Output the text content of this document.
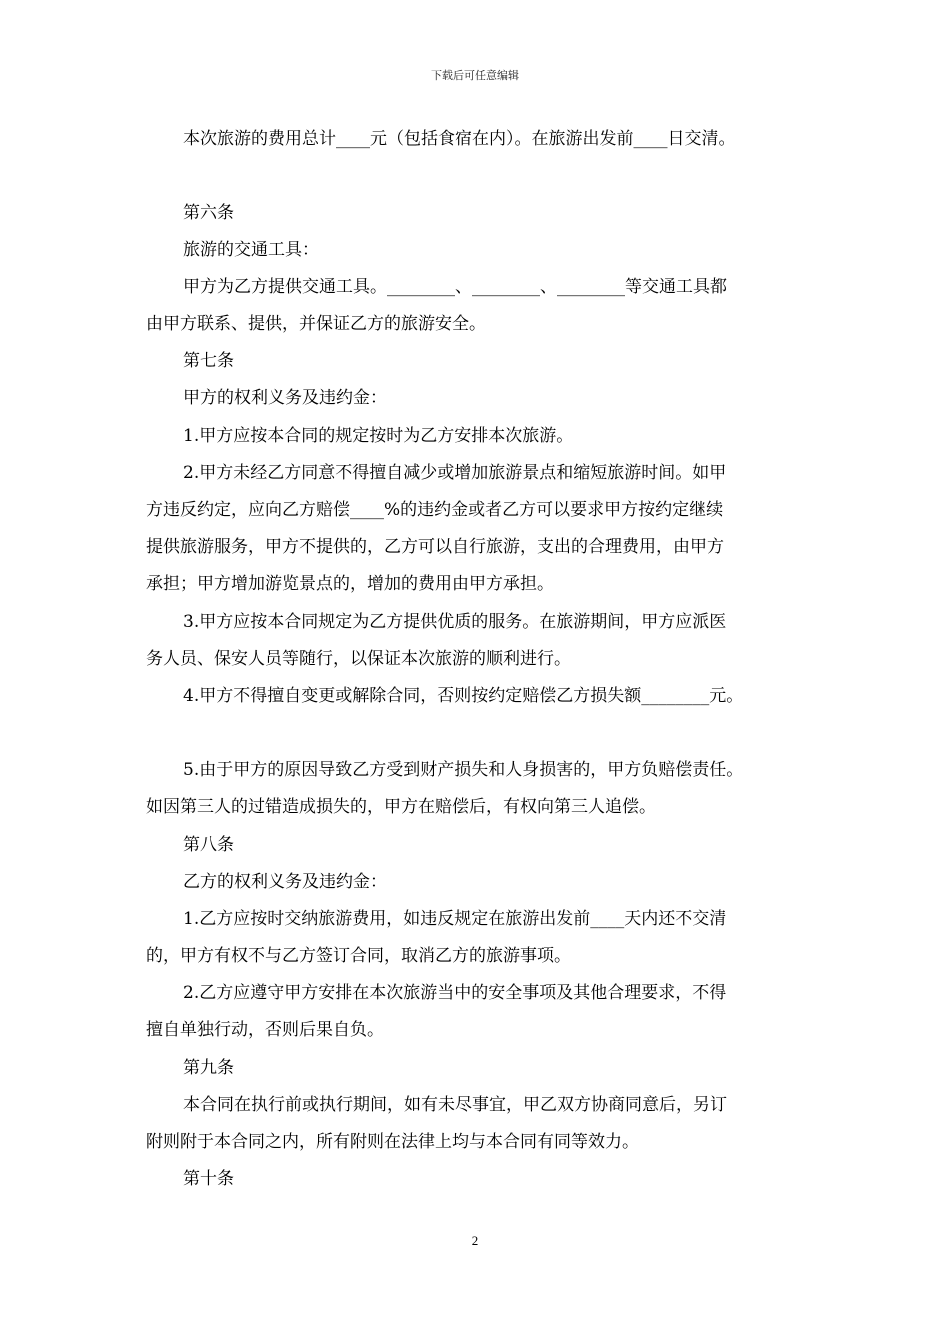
下载后可任意编辑
本次旅游的费用总计____元（包括食宿在内）。在旅游出发前____日交清。
第六条
旅游的交通工具：
甲方为乙方提供交通工具。________、________、________等交通工具都
由甲方联系、提供，并保证乙方的旅游安全。
第七条
甲方的权利义务及违约金：
1.甲方应按本合同的规定按时为乙方安排本次旅游。
2.甲方未经乙方同意不得擅自减少或增加旅游景点和缩短旅游时间。如甲
方违反约定，应向乙方赔偿____%的违约金或者乙方可以要求甲方按约定继续
提供旅游服务，甲方不提供的，乙方可以自行旅游，支出的合理费用，由甲方
承担；甲方增加游览景点的，增加的费用由甲方承担。
3.甲方应按本合同规定为乙方提供优质的服务。在旅游期间，甲方应派医
务人员、保安人员等随行，以保证本次旅游的顺利进行。
4.甲方不得擅自变更或解除合同，否则按约定赔偿乙方损失额________元。
5.由于甲方的原因导致乙方受到财产损失和人身损害的，甲方负赔偿责任。
如因第三人的过错造成损失的，甲方在赔偿后，有权向第三人追偿。
第八条
乙方的权利义务及违约金：
1.乙方应按时交纳旅游费用，如违反规定在旅游出发前____天内还不交清
的，甲方有权不与乙方签订合同，取消乙方的旅游事项。
2.乙方应遵守甲方安排在本次旅游当中的安全事项及其他合理要求，不得
擅自单独行动，否则后果自负。
第九条
本合同在执行前或执行期间，如有未尽事宜，甲乙双方协商同意后，另订
附则附于本合同之内，所有附则在法律上均与本合同有同等效力。
第十条
2
